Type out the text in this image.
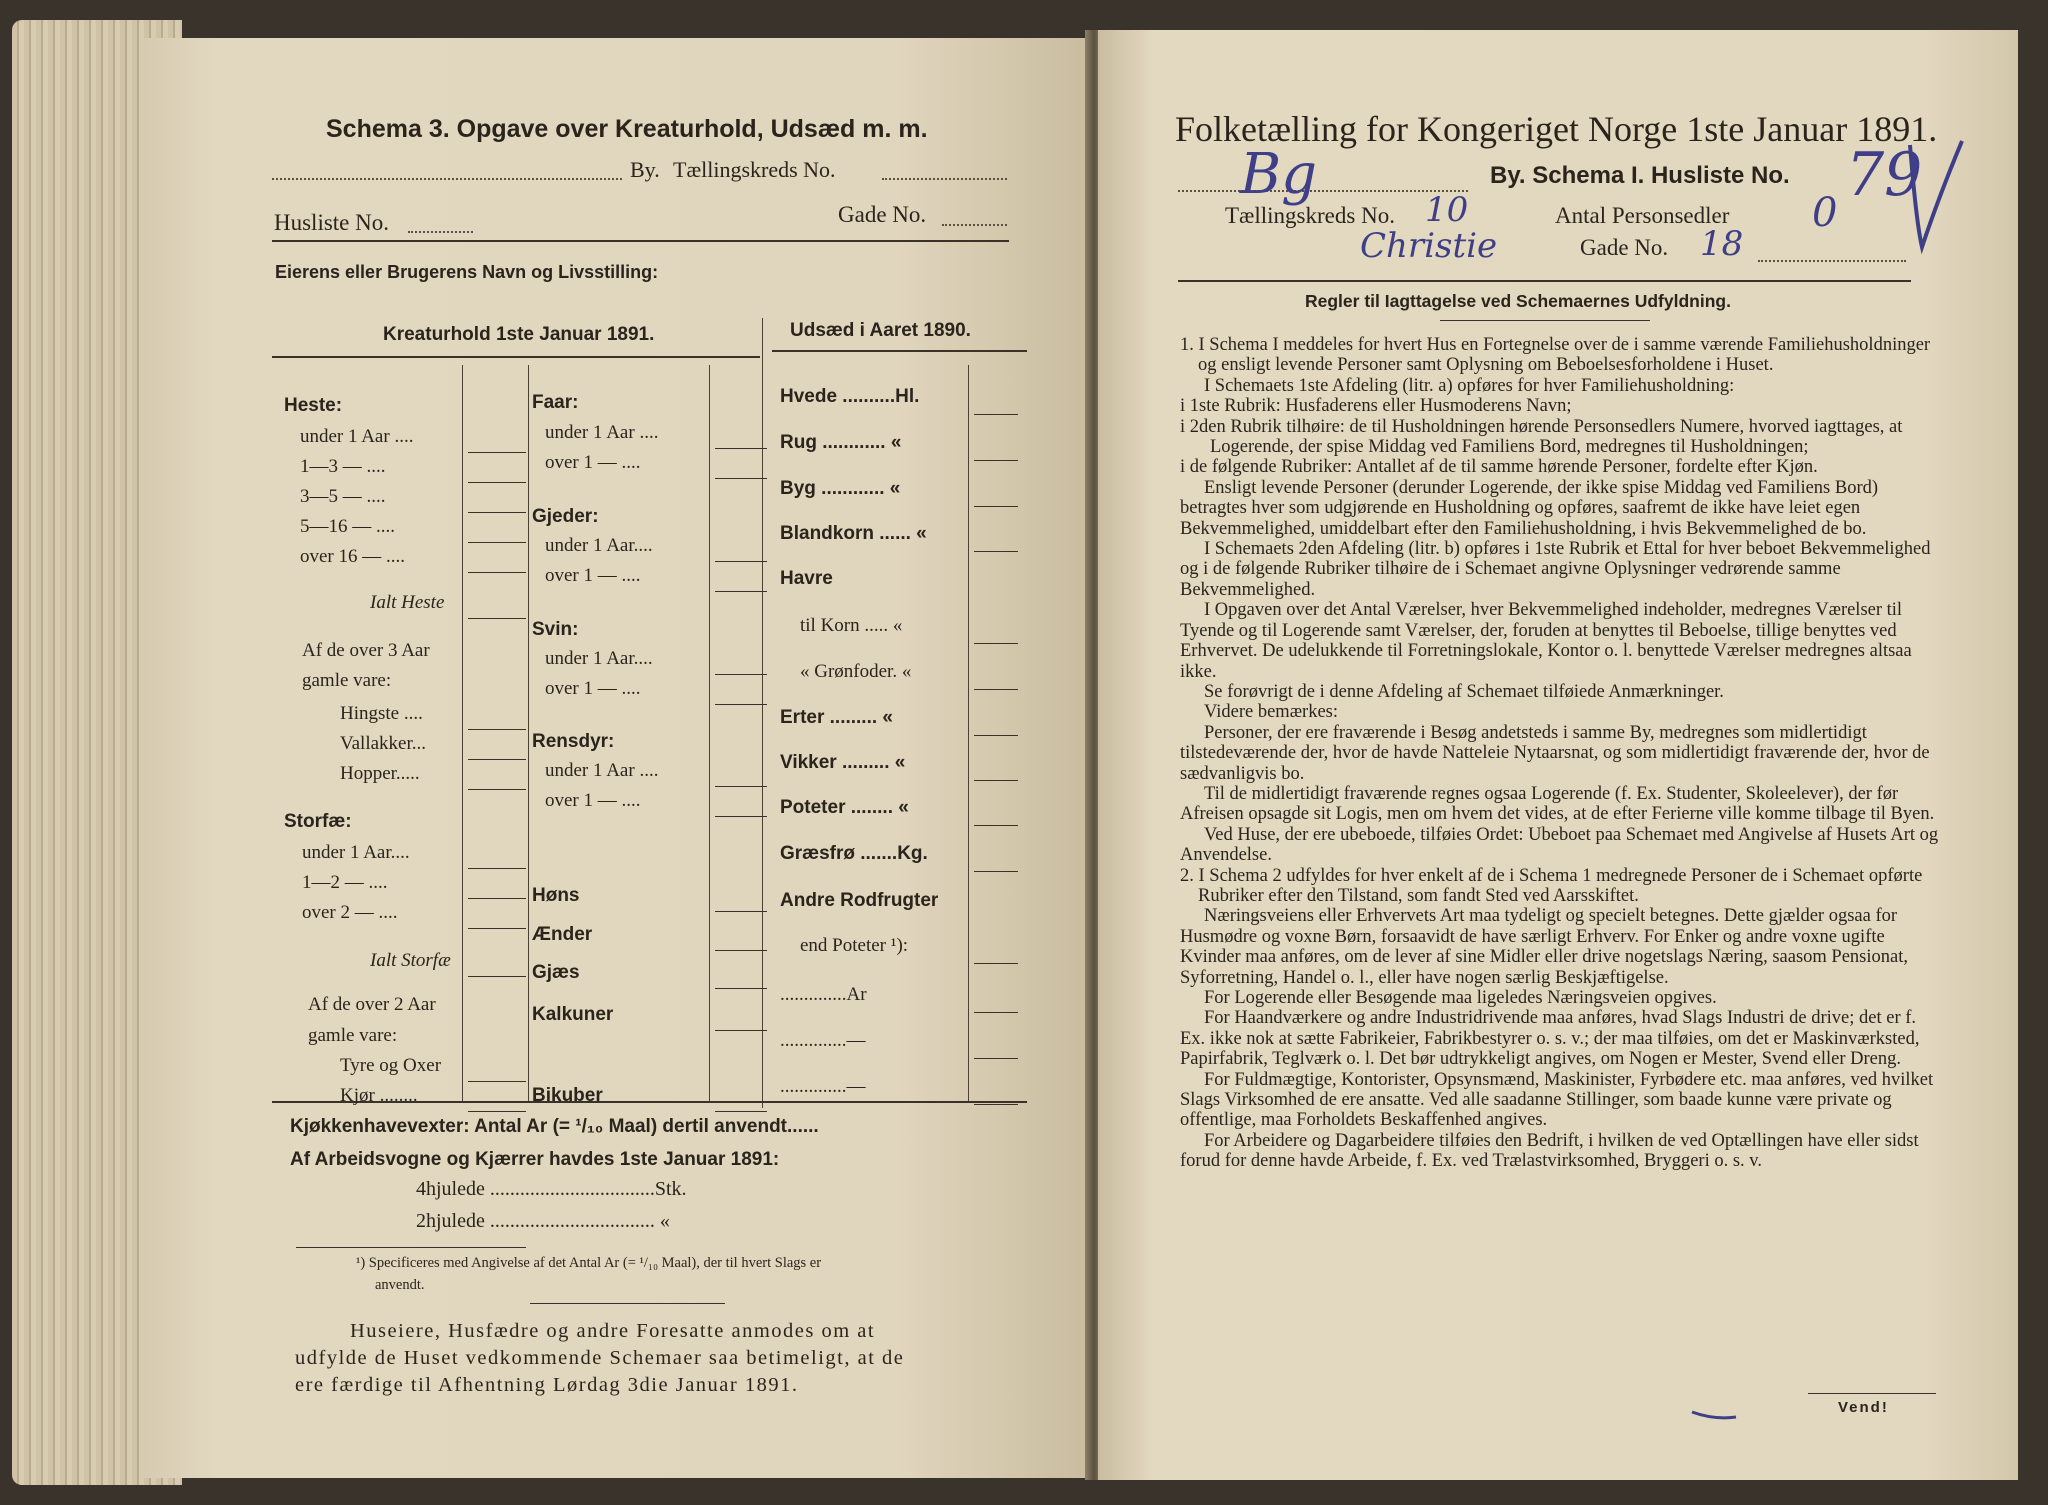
Schema 3. Opgave over Kreaturhold, Udsæd m. m.
By. Tællingskreds No.
Husliste No.	Gade No.
Eierens eller Brugerens Navn og Livsstilling:
Kreaturhold 1ste Januar 1891.	Udsæd i Aaret 1890.
Heste:
under 1 Aar ....
1—3 — ....
3—5 — ....
5—16 — ....
over 16 — ....
Ialt Heste
Af de over 3 Aar
gamle vare:
Hingste ....
Vallakker...
Hopper.....
Storfæ:
under 1 Aar....
1—2 — ....
over 2 — ....
Ialt Storfæ
Af de over 2 Aar
gamle vare:
Tyre og Oxer
Kjør ........
Faar:
under 1 Aar ....
over 1 — ....
Gjeder:
under 1 Aar....
over 1 — ....
Svin:
under 1 Aar....
over 1 — ....
Rensdyr:
under 1 Aar ....
over 1 — ....
Høns
Ænder
Gjæs
Kalkuner
Bikuber
Hvede ..........Hl.
Rug ............ «
Byg ............ «
Blandkorn ...... «
Havre
til Korn ..... «
« Grønfoder. «
Erter ......... «
Vikker ......... «
Poteter ........ «
Græsfrø .......Kg.
Andre Rodfrugter
end Poteter ¹):
..............Ar
..............—
..............—
Kjøkkenhavevexter: Antal Ar (= ¹/₁₀ Maal) dertil anvendt......
Af Arbeidsvogne og Kjærrer havdes 1ste Januar 1891:
4hjulede .................................Stk.
2hjulede ................................. «
¹) Specificeres med Angivelse af det Antal Ar (= ¹/₁₀ Maal), der til hvert Slags er
anvendt.
Huseiere, Husfædre og andre Foresatte anmodes om at
udfylde de Huset vedkommende Schemaer saa betimeligt, at de
ere færdige til Afhentning Lørdag 3die Januar 1891.
Folketælling for Kongeriget Norge 1ste Januar 1891.
Bg	By. Schema I. Husliste No. 79
Tællingskreds No. 10	Antal Personsedler 0
Christie	Gade No. 18
Regler til Iagttagelse ved Schemaernes Udfyldning.

1. I Schema I meddeles for hvert Hus en Fortegnelse over de i samme værende Familiehusholdninger og ensligt levende Personer samt Oplysning om Beboelsesforholdene i Huset.

I Schemaets 1ste Afdeling (litr. a) opføres for hver Familiehusholdning:

i 1ste Rubrik: Husfaderens eller Husmoderens Navn;

i 2den Rubrik tilhøire: de til Husholdningen hørende Personsedlers Numere, hvorved iagttages, at Logerende, der spise Middag ved Familiens Bord, medregnes til Husholdningen;

i de følgende Rubriker: Antallet af de til samme hørende Personer, fordelte efter Kjøn.

Ensligt levende Personer (derunder Logerende, der ikke spise Middag ved Familiens Bord) betragtes hver som udgjørende en Husholdning og opføres, saafremt de ikke have leiet egen Bekvemmelighed, umiddelbart efter den Familiehusholdning, i hvis Bekvemmelighed de bo.

I Schemaets 2den Afdeling (litr. b) opføres i 1ste Rubrik et Ettal for hver beboet Bekvemmelighed og i de følgende Rubriker tilhøire de i Schemaet angivne Oplysninger vedrørende samme Bekvemmelighed.

I Opgaven over det Antal Værelser, hver Bekvemmelighed indeholder, medregnes Værelser til Tyende og til Logerende samt Værelser, der, foruden at benyttes til Beboelse, tillige benyttes ved Erhvervet. De udelukkende til Forretningslokale, Kontor o. l. benyttede Værelser medregnes altsaa ikke.

Se forøvrigt de i denne Afdeling af Schemaet tilføiede Anmærkninger.

Videre bemærkes:

Personer, der ere fraværende i Besøg andetsteds i samme By, medregnes som midlertidigt tilstedeværende der, hvor de havde Natteleie Nytaarsnat, og som midlertidigt fraværende der, hvor de sædvanligvis bo.

Til de midlertidigt fraværende regnes ogsaa Logerende (f. Ex. Studenter, Skoleelever), der før Afreisen opsagde sit Logis, men om hvem det vides, at de efter Ferierne ville komme tilbage til Byen.

Ved Huse, der ere ubeboede, tilføies Ordet: Ubeboet paa Schemaet med Angivelse af Husets Art og Anvendelse.

2. I Schema 2 udfyldes for hver enkelt af de i Schema 1 medregnede Personer de i Schemaet opførte Rubriker efter den Tilstand, som fandt Sted ved Aarsskiftet.

Næringsveiens eller Erhvervets Art maa tydeligt og specielt betegnes. Dette gjælder ogsaa for Husmødre og voxne Børn, forsaavidt de have særligt Erhverv. For Enker og andre voxne ugifte Kvinder maa anføres, om de lever af sine Midler eller drive nogetslags Næring, saasom Pensionat, Syforretning, Handel o. l., eller have nogen særlig Beskjæftigelse.

For Logerende eller Besøgende maa ligeledes Næringsveien opgives.

For Haandværkere og andre Industridrivende maa anføres, hvad Slags Industri de drive; det er f. Ex. ikke nok at sætte Fabrikeier, Fabrikbestyrer o. s. v.; der maa tilføies, om det er Maskinværksted, Papirfabrik, Teglværk o. l. Det bør udtrykkeligt angives, om Nogen er Mester, Svend eller Dreng.

For Fuldmægtige, Kontorister, Opsynsmænd, Maskinister, Fyrbødere etc. maa anføres, ved hvilket Slags Virksomhed de ere ansatte. Ved alle saadanne Stillinger, som baade kunne være private og offentlige, maa Forholdets Beskaffenhed angives.

For Arbeidere og Dagarbeidere tilføies den Bedrift, i hvilken de ved Optællingen have eller sidst forud for denne havde Arbeide, f. Ex. ved Trælastvirksomhed, Bryggeri o. s. v.

Vend!
